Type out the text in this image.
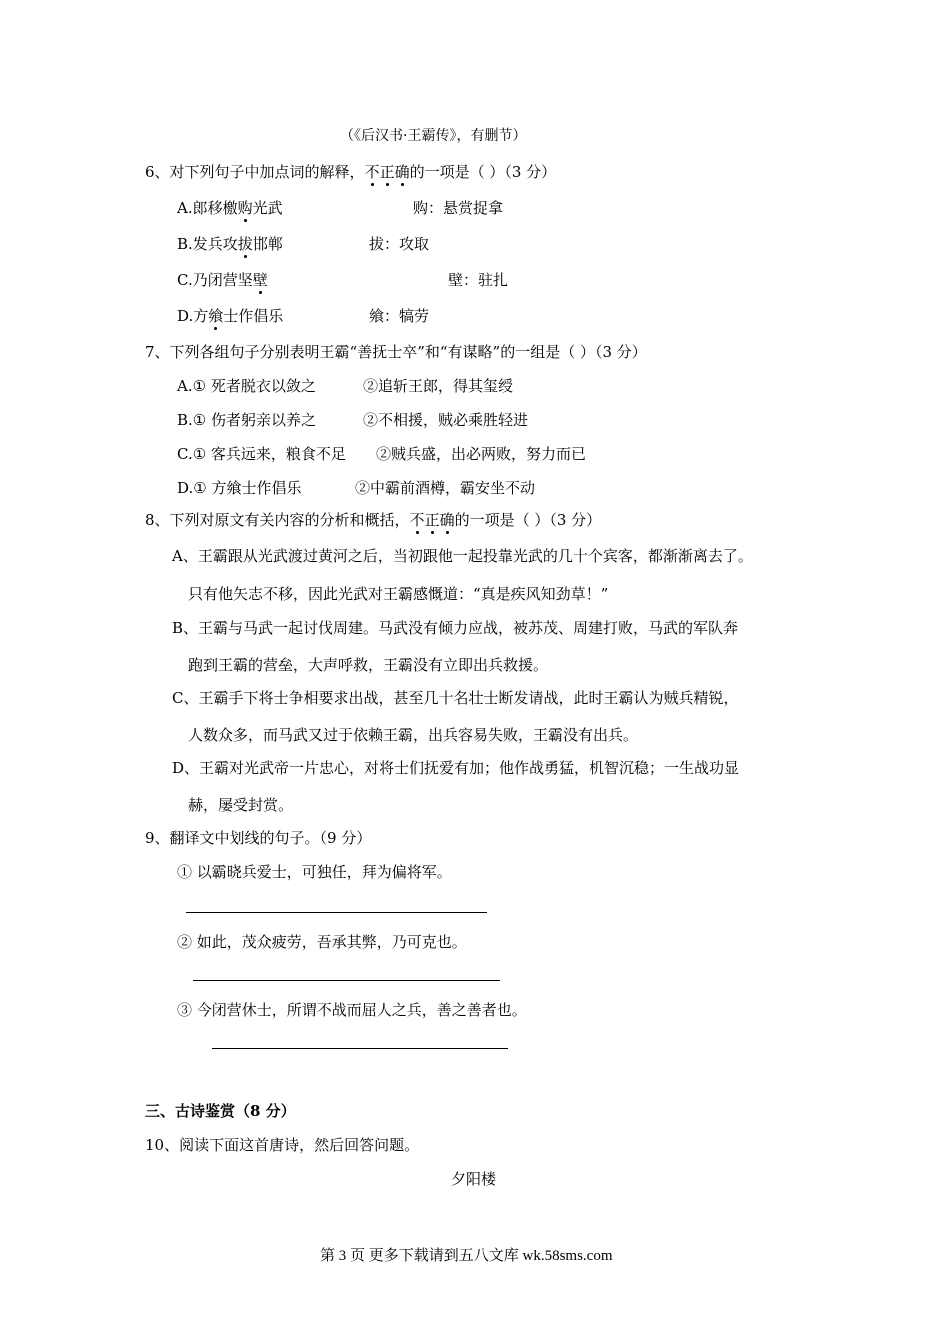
（《后汉书·王霸传》，有删节）
6、对下列句子中加点词的解释，不正确的一项是（ ）（3 分）
A.郎移檄购光武	购：悬赏捉拿
B.发兵攻拔邯郸	拔：攻取
C.乃闭营坚壁	壁：驻扎
D.方飨士作倡乐	飨：犒劳
7、下列各组句子分别表明王霸“善抚士卒”和“有谋略”的一组是（ ）（3 分）
A.① 死者脱衣以敛之	②追斩王郎，得其玺绶
B.① 伤者躬亲以养之	②不相援，贼必乘胜轻进
C.① 客兵远来，粮食不足 ②贼兵盛，出必两败，努力而已
D.① 方飨士作倡乐	②中霸前酒樽，霸安坐不动
8、下列对原文有关内容的分析和概括，不正确的一项是（ ）（3 分）
A、王霸跟从光武渡过黄河之后，当初跟他一起投靠光武的几十个宾客，都渐渐离去了。
只有他矢志不移，因此光武对王霸感慨道：“真是疾风知劲草！”
B、王霸与马武一起讨伐周建。马武没有倾力应战，被苏茂、周建打败，马武的军队奔
跑到王霸的营垒，大声呼救，王霸没有立即出兵救援。
C、王霸手下将士争相要求出战，甚至几十名壮士断发请战，此时王霸认为贼兵精锐，
人数众多，而马武又过于依赖王霸，出兵容易失败，王霸没有出兵。
D、王霸对光武帝一片忠心，对将士们抚爱有加；他作战勇猛，机智沉稳；一生战功显
赫，屡受封赏。
9、翻译文中划线的句子。（9 分）
① 以霸晓兵爱士，可独任，拜为偏将军。
② 如此，茂众疲劳，吾承其弊，乃可克也。
③ 今闭营休士，所谓不战而屈人之兵，善之善者也。
三、古诗鉴赏（8 分）
10、阅读下面这首唐诗，然后回答问题。
夕阳楼
第 3 页 更多下载请到五八文库 wk.58sms.com
